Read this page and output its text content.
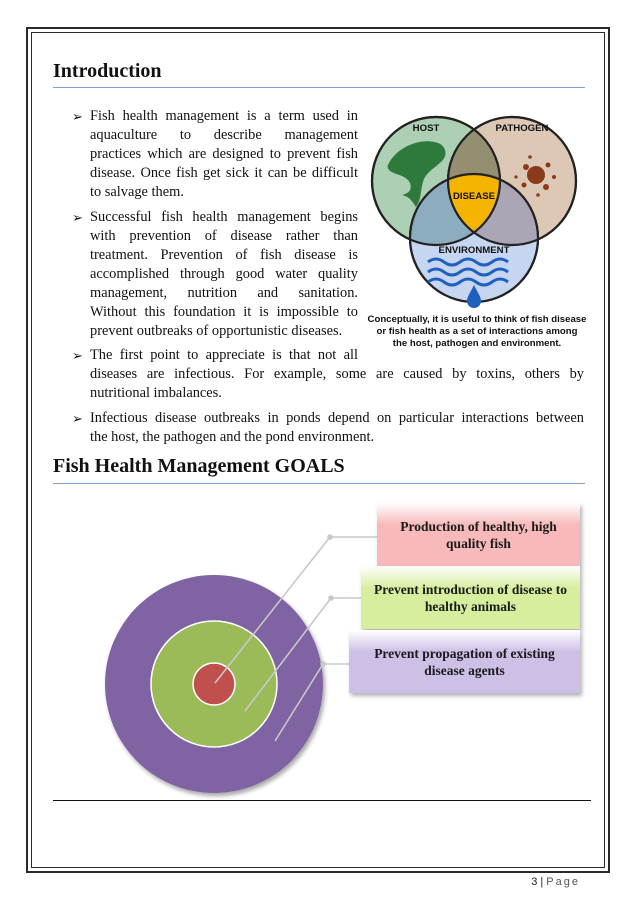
Introduction
➢ Fish health management is a term used in

aquaculture to describe management

practices which are designed to prevent fish

disease. Once fish get sick it can be difficult

to salvage them.

➢ Successful fish health management begins

with prevention of disease rather than

treatment. Prevention of fish disease is

accomplished through good water quality

management, nutrition and sanitation.

Without this foundation it is impossible to

prevent outbreaks of opportunistic diseases.

➢ The first point to appreciate is that not all

diseases are infectious. For example, some are caused by toxins, others by

nutritional imbalances.

➢ Infectious disease outbreaks in ponds depend on particular interactions between

the host, the pathogen and the pond environment.

HOST	PATHOGEN
DISEASE
ENVIRONMENT
Conceptually, it is useful to think of fish disease
or fish health as a set of interactions among
the host, pathogen and environment.
Fish Health Management GOALS
Production of healthy, high
quality fish
Prevent introduction of disease to
healthy animals
Prevent propagation of existing
disease agents
3 | Page
